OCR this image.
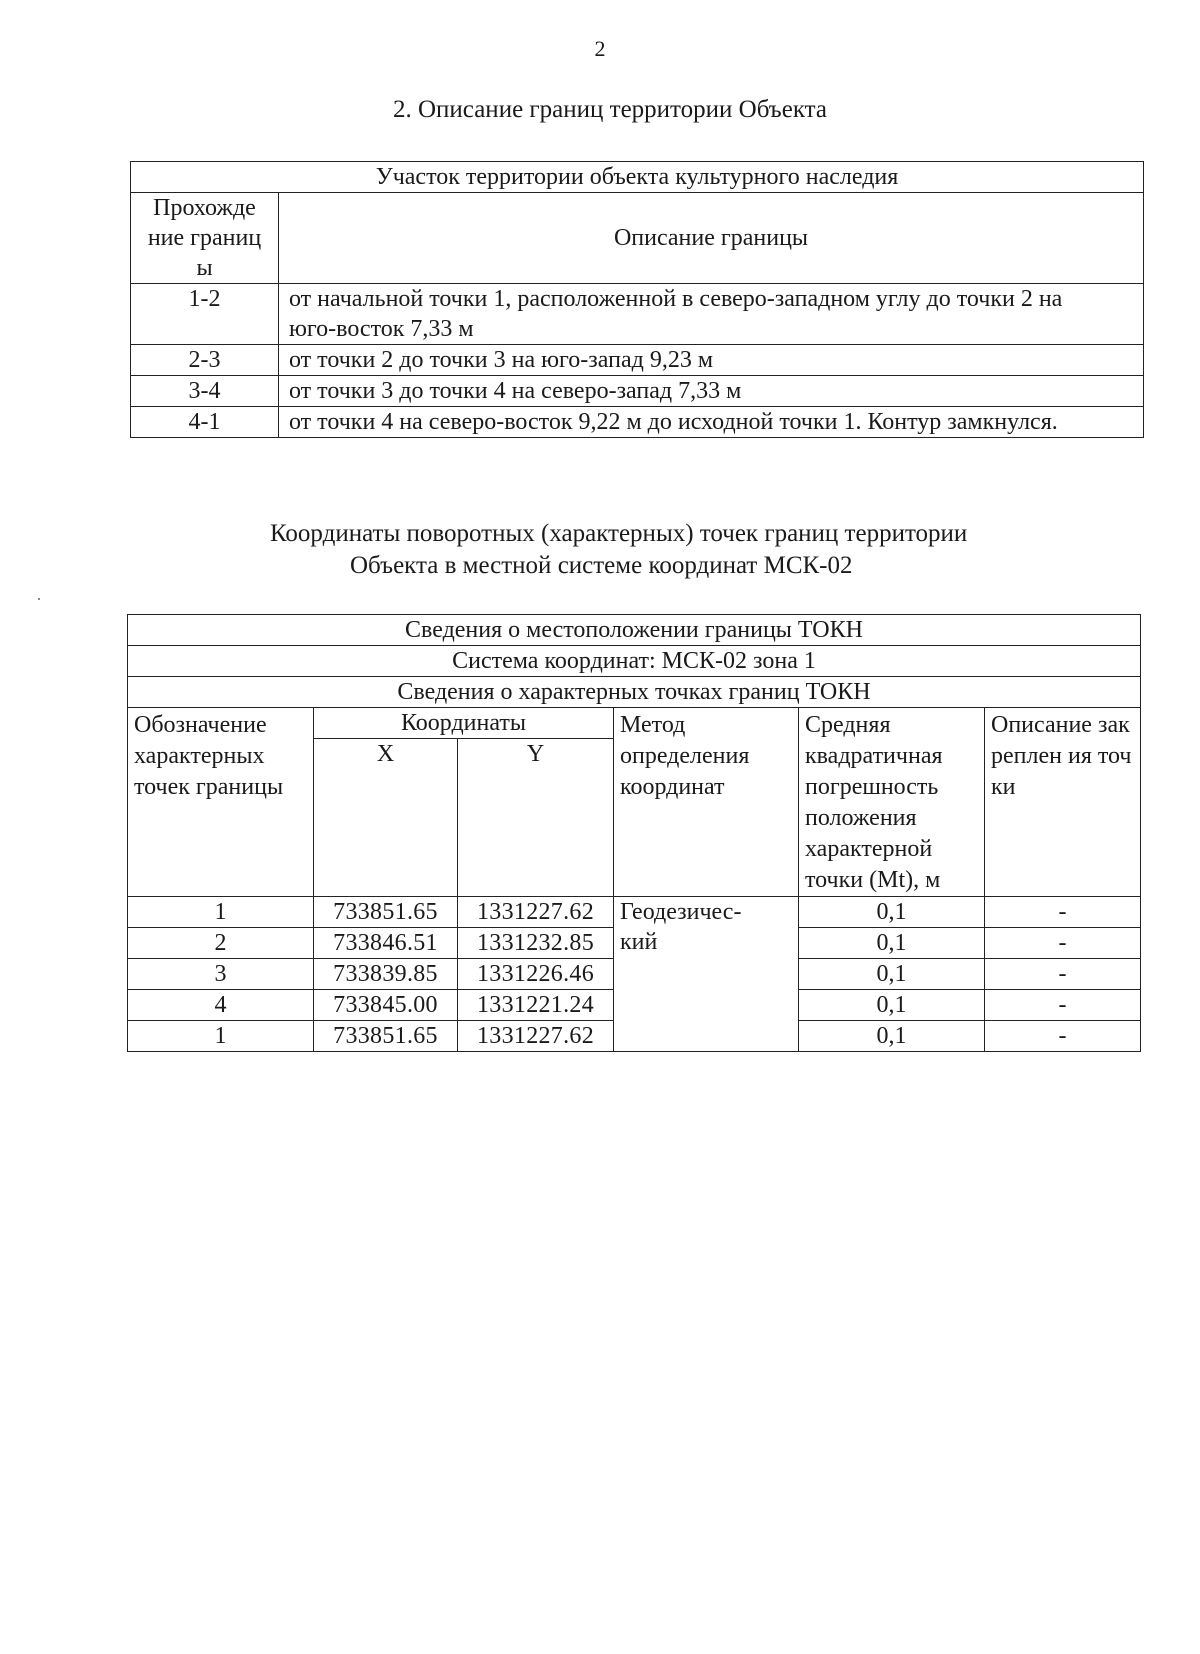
2
2. Описание границ территории Объекта
Участок территории объекта культурного наследия	

Прохожде ние границы	Описание границы
1-2	от начальной точки 1, расположенной в северо-западном углу до точки 2 на юго-восток 7,33 м
2-3	от точки 2 до точки 3 на юго-запад 9,23 м
3-4	от точки 3 до точки 4 на северо-запад 7,33 м
4-1	от точки 4 на северо-восток 9,22 м до исходной точки 1. Контур замкнулся.
Координаты поворотных (характерных) точек границ территории
Объекта в местной системе координат МСК-02
Сведения о местоположении границы ТОКН					
Система координат: МСК-02 зона 1					
Сведения о характерных точках границ ТОКН					
Обозначение характерных точек границы	Координаты		Метод определения координат	Средняя квадратичная погрешность положения характерной точки (Mt), м	Описание закреплен ия точки
	X	Y			
1	733851.65	1331227.62	Геодезичес- кий	0,1	-
2	733846.51	1331232.85		0,1	-
3	733839.85	1331226.46		0,1	-
4	733845.00	1331221.24		0,1	-
1	733851.65	1331227.62		0,1	-
